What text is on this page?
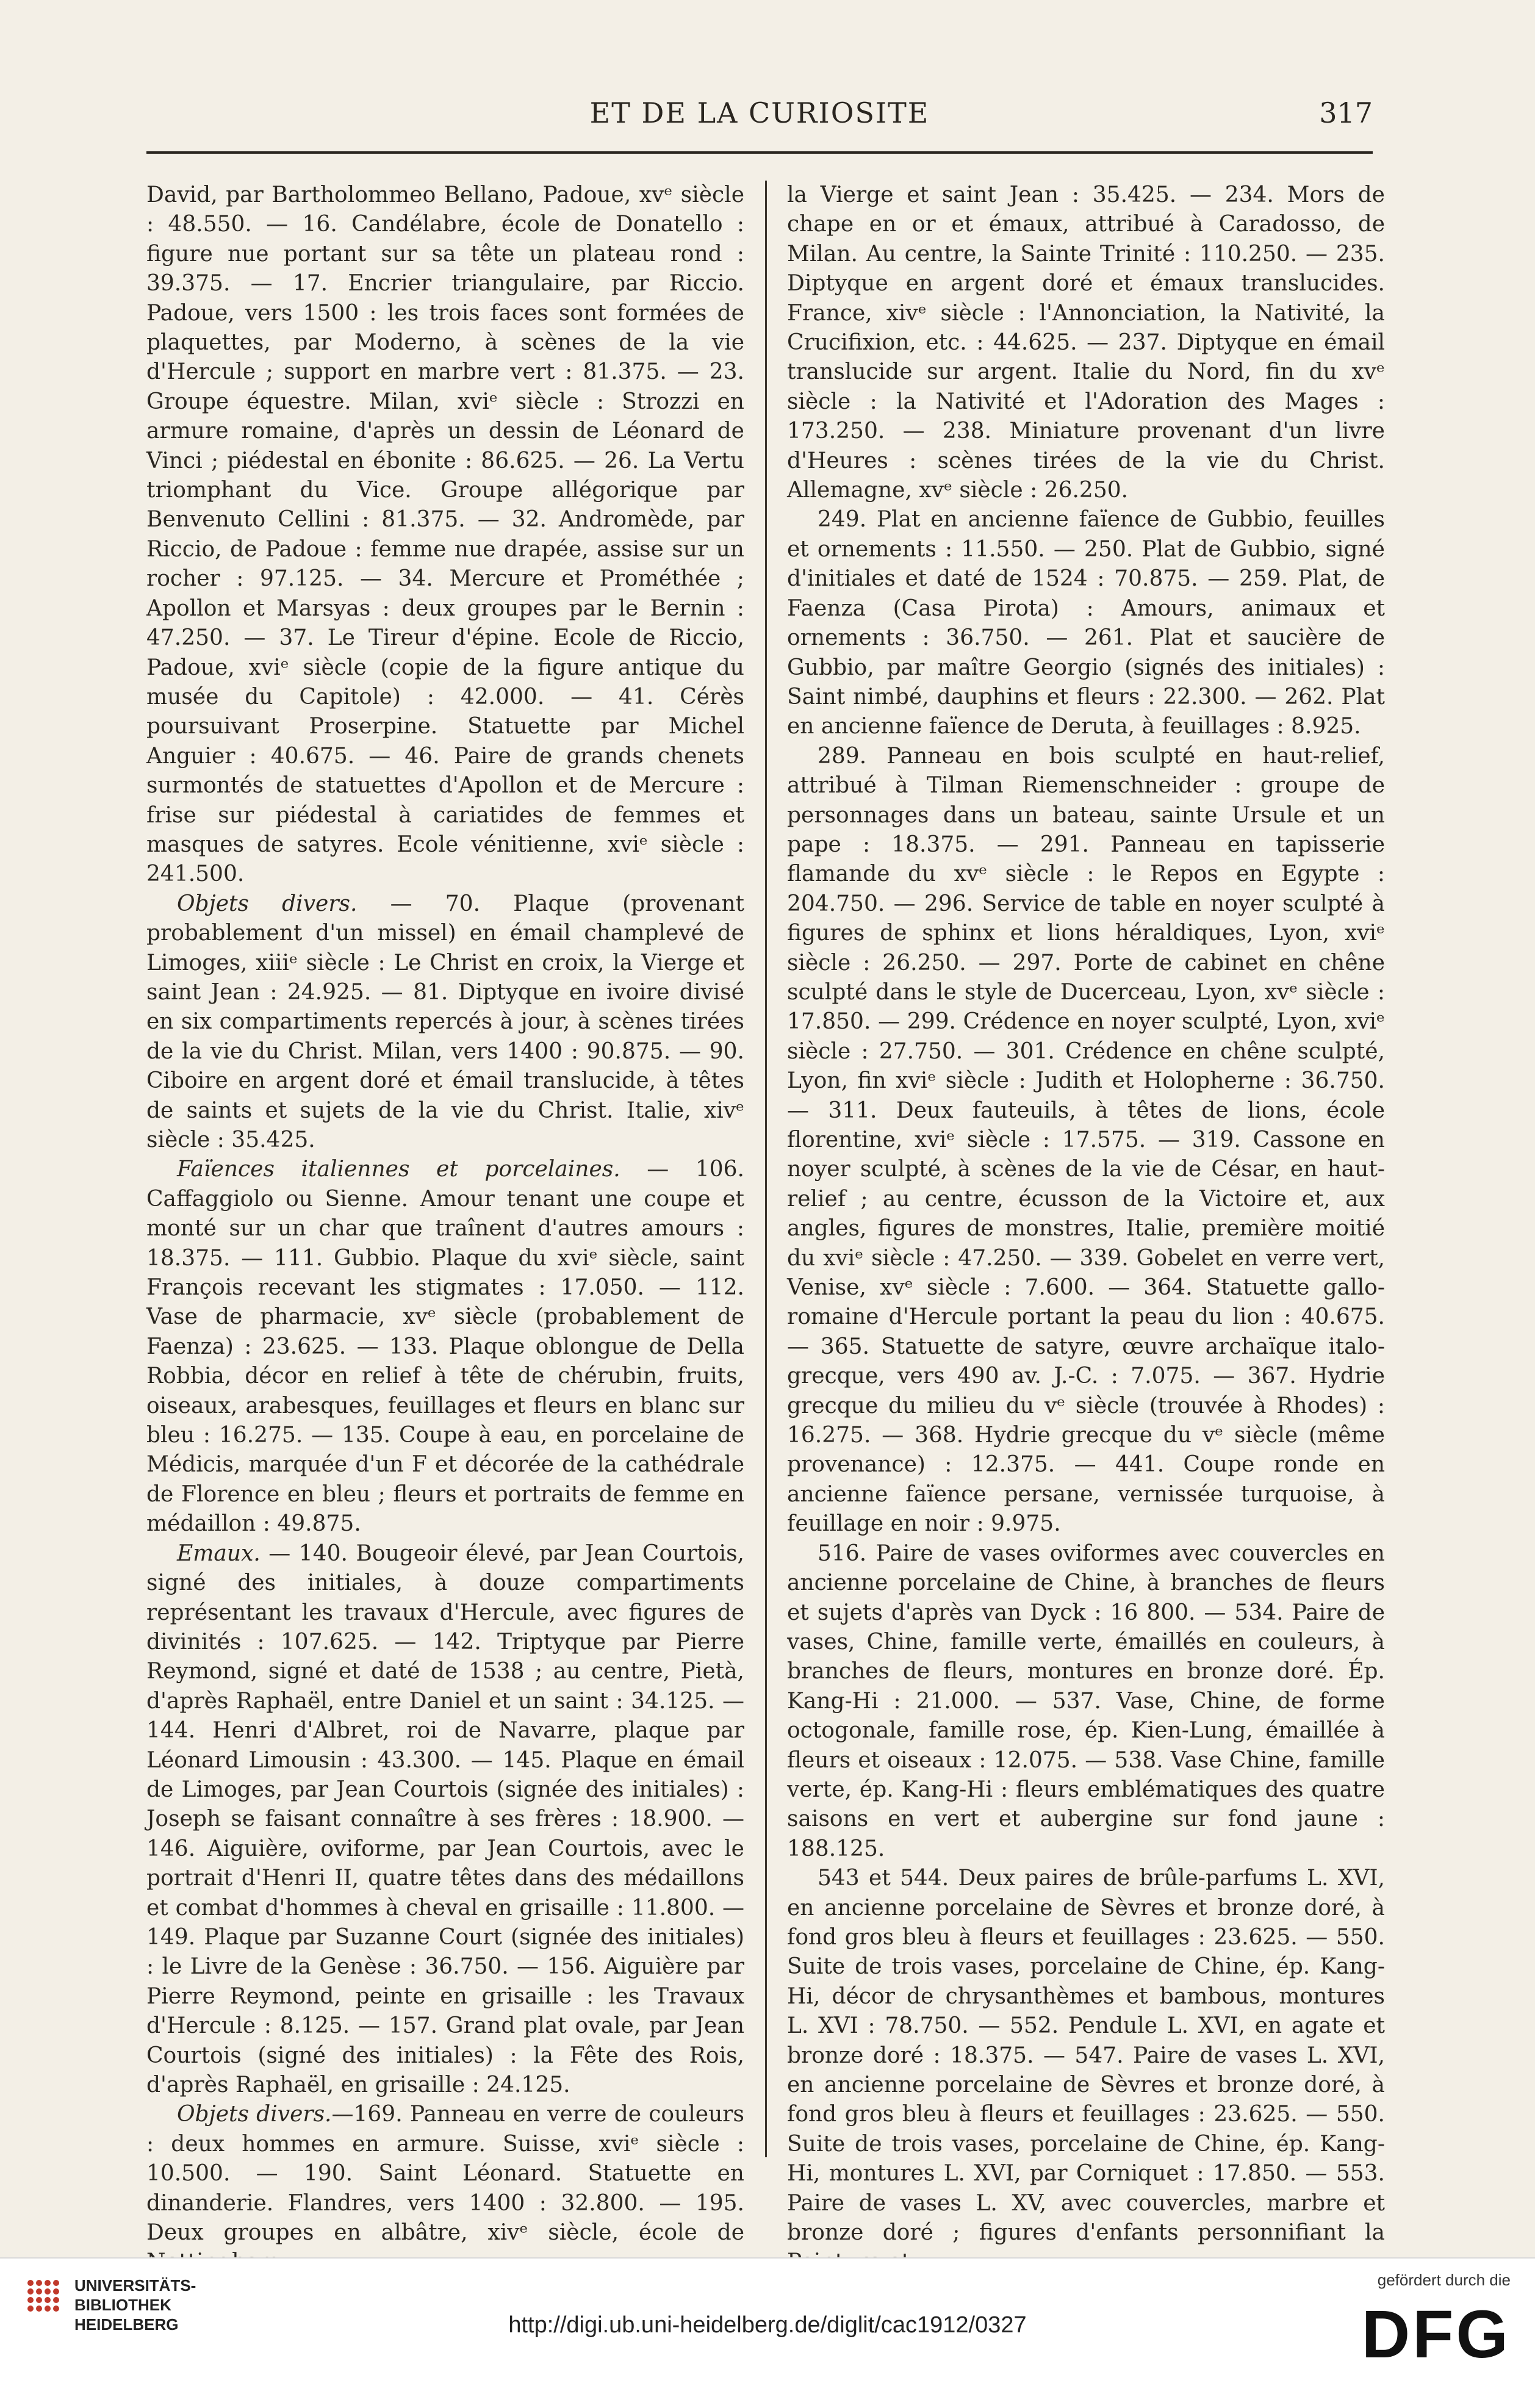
ET DE LA CURIOSITE	317

David, par Bartholommeo Bellano, Padoue, xvᵉ siècle : 48.550. — 16. Candélabre, école de Donatello : figure nue portant sur sa tête un plateau rond : 39.375. — 17. Encrier triangulaire, par Riccio. Padoue, vers 1500 : les trois faces sont formées de plaquettes, par Moderno, à scènes de la vie d'Hercule ; support en marbre vert : 81.375. — 23. Groupe équestre. Milan, xviᵉ siècle : Strozzi en armure romaine, d'après un dessin de Léonard de Vinci ; piédestal en ébonite : 86.625. — 26. La Vertu triomphant du Vice. Groupe allégorique par Benvenuto Cellini : 81.375. — 32. Andromède, par Riccio, de Padoue : femme nue drapée, assise sur un rocher : 97.125. — 34. Mercure et Prométhée ; Apollon et Marsyas : deux groupes par le Bernin : 47.250. — 37. Le Tireur d'épine. Ecole de Riccio, Padoue, xviᵉ siècle (copie de la figure antique du musée du Capitole) : 42.000. — 41. Cérès poursuivant Proserpine. Statuette par Michel Anguier : 40.675. — 46. Paire de grands chenets surmontés de statuettes d'Apollon et de Mercure : frise sur piédestal à cariatides de femmes et masques de satyres. Ecole vénitienne, xviᵉ siècle : 241.500.

Objets divers. — 70. Plaque (provenant probablement d'un missel) en émail champlevé de Limoges, xiiiᵉ siècle : Le Christ en croix, la Vierge et saint Jean : 24.925. — 81. Diptyque en ivoire divisé en six compartiments repercés à jour, à scènes tirées de la vie du Christ. Milan, vers 1400 : 90.875. — 90. Ciboire en argent doré et émail translucide, à têtes de saints et sujets de la vie du Christ. Italie, xivᵉ siècle : 35.425.

Faïences italiennes et porcelaines. — 106. Caffaggiolo ou Sienne. Amour tenant une coupe et monté sur un char que traînent d'autres amours : 18.375. — 111. Gubbio. Plaque du xviᵉ siècle, saint François recevant les stigmates : 17.050. — 112. Vase de pharmacie, xvᵉ siècle (probablement de Faenza) : 23.625. — 133. Plaque oblongue de Della Robbia, décor en relief à tête de chérubin, fruits, oiseaux, arabesques, feuillages et fleurs en blanc sur bleu : 16.275. — 135. Coupe à eau, en porcelaine de Médicis, marquée d'un F et décorée de la cathédrale de Florence en bleu ; fleurs et portraits de femme en médaillon : 49.875.

Emaux. — 140. Bougeoir élevé, par Jean Courtois, signé des initiales, à douze compartiments représentant les travaux d'Hercule, avec figures de divinités : 107.625. — 142. Triptyque par Pierre Reymond, signé et daté de 1538 ; au centre, Pietà, d'après Raphaël, entre Daniel et un saint : 34.125. — 144. Henri d'Albret, roi de Navarre, plaque par Léonard Limousin : 43.300. — 145. Plaque en émail de Limoges, par Jean Courtois (signée des initiales) : Joseph se faisant connaître à ses frères : 18.900. — 146. Aiguière, oviforme, par Jean Courtois, avec le portrait d'Henri II, quatre têtes dans des médaillons et combat d'hommes à cheval en grisaille : 11.800. — 149. Plaque par Suzanne Court (signée des initiales) : le Livre de la Genèse : 36.750. — 156. Aiguière par Pierre Reymond, peinte en grisaille : les Travaux d'Hercule : 8.125. — 157. Grand plat ovale, par Jean Courtois (signé des initiales) : la Fête des Rois, d'après Raphaël, en grisaille : 24.125.

Objets divers.—169. Panneau en verre de couleurs : deux hommes en armure. Suisse, xviᵉ siècle : 10.500. — 190. Saint Léonard. Statuette en dinanderie. Flandres, vers 1400 : 32.800. — 195. Deux groupes en albâtre, xivᵉ siècle, école de

la Vierge et saint Jean : 35.425. — 234. Mors de chape en or et émaux, attribué à Caradosso, de Milan. Au centre, la Sainte Trinité : 110.250. — 235. Diptyque en argent doré et émaux translucides. France, xivᵉ siècle : l'Annonciation, la Nativité, la Crucifixion, etc. : 44.625. — 237. Diptyque en émail translucide sur argent. Italie du Nord, fin du xvᵉ siècle : la Nativité et l'Adoration des Mages : 173.250. — 238. Miniature provenant d'un livre d'Heures : scènes tirées de la vie du Christ. Allemagne, xvᵉ siècle : 26.250.

249. Plat en ancienne faïence de Gubbio, feuilles et ornements : 11.550. — 250. Plat de Gubbio, signé d'initiales et daté de 1524 : 70.875. — 259. Plat, de Faenza (Casa Pirota) : Amours, animaux et ornements : 36.750. — 261. Plat et saucière de Gubbio, par maître Georgio (signés des initiales) : Saint nimbé, dauphins et fleurs : 22.300. — 262. Plat en ancienne faïence de Deruta, à feuillages : 8.925.

289. Panneau en bois sculpté en haut-relief, attribué à Tilman Riemenschneider : groupe de personnages dans un bateau, sainte Ursule et un pape : 18.375. — 291. Panneau en tapisserie flamande du xvᵉ siècle : le Repos en Egypte : 204.750. — 296. Service de table en noyer sculpté à figures de sphinx et lions héraldiques, Lyon, xviᵉ siècle : 26.250. — 297. Porte de cabinet en chêne sculpté dans le style de Ducerceau, Lyon, xvᵉ siècle : 17.850. — 299. Crédence en noyer sculpté, Lyon, xviᵉ siècle : 27.750. — 301. Crédence en chêne sculpté, Lyon, fin xviᵉ siècle : Judith et Holopherne : 36.750. — 311. Deux fauteuils, à têtes de lions, école florentine, xviᵉ siècle : 17.575. — 319. Cassone en noyer sculpté, à scènes de la vie de César, en haut-relief ; au centre, écusson de la Victoire et, aux angles, figures de monstres, Italie, première moitié du xviᵉ siècle : 47.250. — 339. Gobelet en verre vert, Venise, xvᵉ siècle : 7.600. — 364. Statuette gallo-romaine d'Hercule portant la peau du lion : 40.675. — 365. Statuette de satyre, œuvre archaïque italo-grecque, vers 490 av. J.-C. : 7.075. — 367. Hydrie grecque du milieu du vᵉ siècle (trouvée à Rhodes) : 16.275. — 368. Hydrie grecque du vᵉ siècle (même provenance) : 12.375. — 441. Coupe ronde en ancienne faïence persane, vernissée turquoise, à feuillage en noir : 9.975.

516. Paire de vases oviformes avec couvercles en ancienne porcelaine de Chine, à branches de fleurs et sujets d'après van Dyck : 16 800. — 534. Paire de vases, Chine, famille verte, émaillés en couleurs, à branches de fleurs, montures en bronze doré. Ép. Kang-Hi : 21.000. — 537. Vase, Chine, de forme octogonale, famille rose, ép. Kien-Lung, émaillée à fleurs et oiseaux : 12.075. — 538. Vase Chine, famille verte, ép. Kang-Hi : fleurs emblématiques des quatre saisons en vert et aubergine sur fond jaune : 188.125.

543 et 544. Deux paires de brûle-parfums L. XVI, en ancienne porcelaine de Sèvres et bronze doré, à fond gros bleu à fleurs et feuillages : 23.625. — 550. Suite de trois vases, porcelaine de Chine, ép. Kang-Hi, décor de chrysanthèmes et bambous, montures L. XVI : 78.750. — 552. Pendule L. XVI, en agate et bronze doré : 18.375. — 547. Paire de vases L. XVI, en ancienne porcelaine de Sèvres et bronze doré, à fond gros bleu à fleurs et feuillages : 23.625. — 550. Suite de trois vases, porcelaine de Chine, ép. Kang-Hi, montures L. XVI, par Corniquet : 17.850. — 553. Paire de vases L. XV, avec couvercles, marbre et bronze doré ; figures d'enfants personnifiant la

UNIVERSITÄTS-
BIBLIOTHEK
HEIDELBERG	http://digi.ub.uni-heidelberg.de/diglit/cac1912/0327
gefördert durch die
DFG
